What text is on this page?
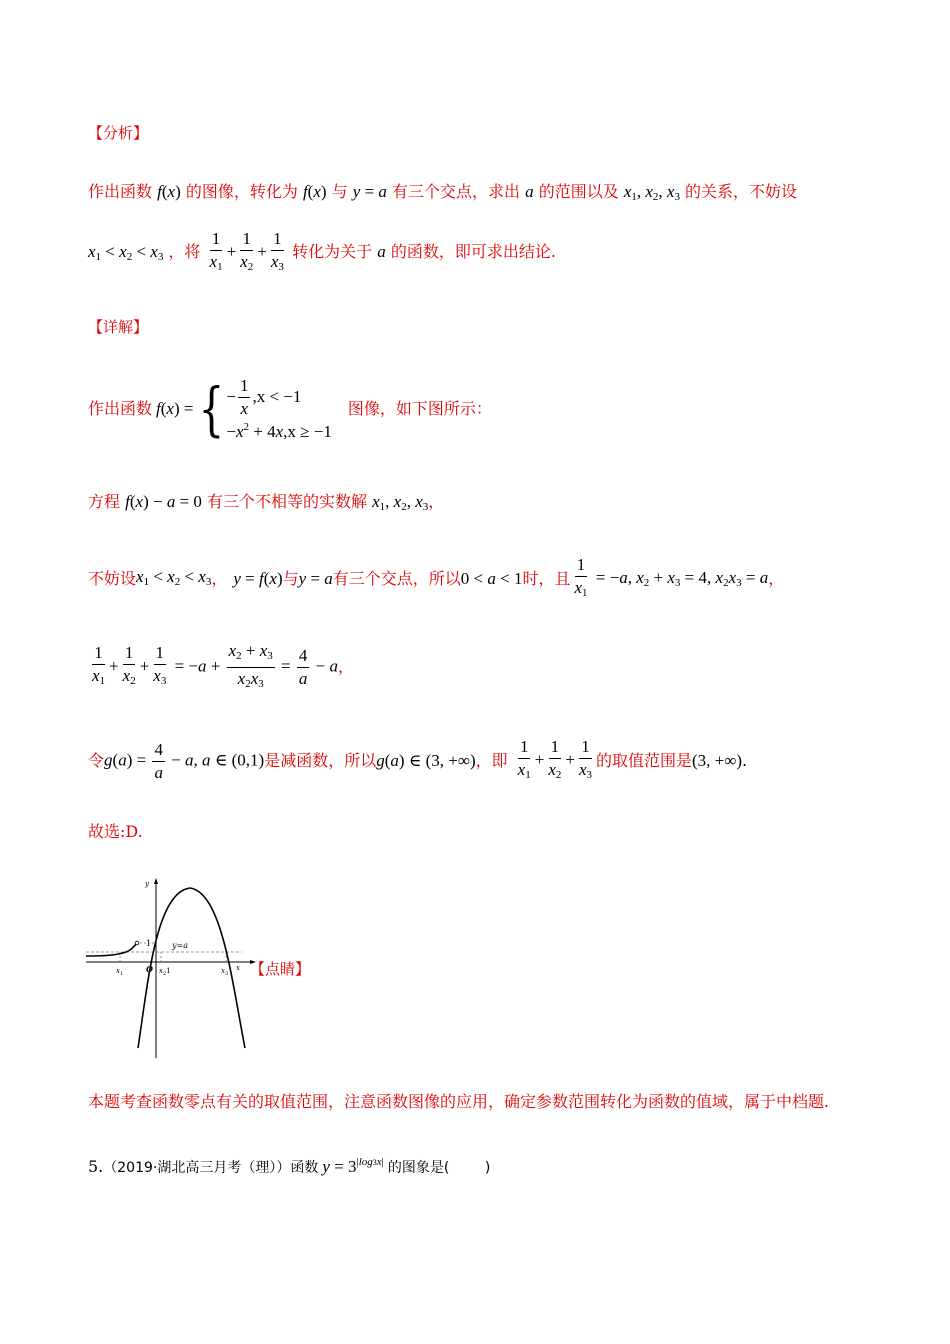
【分析】
作出函数 f(x) 的图像，转化为 f(x) 与 y = a 有三个交点，求出 a 的范围以及 $x_1$, $x_2$, $x_3$ 的关系，不妨设
$x_1 < x_2 < x_3$ ，将 $\frac{1}{x_1} + \frac{1}{x_2} + \frac{1}{x_3}$ 转化为关于 a 的函数，即可求出结论.
【详解】
作出函数 f(x) = { − $\frac{1}{x}$ , x < −1
$-x^2 + 4x,x \ge -1$
图像，如下图所示：
方程 f(x) − a = 0 有三个不相等的实数解 $x_1$, $x_2$, $x_3$，
不妨设 $x_1 < x_2 < x_3$ ， y = f(x) 与 y = a 有三个交点，所以 0 < a < 1 时，且 $\frac{1}{x_1} = -a$, $x_2 + x_3 = 4$, $x_2x_3 = a$ ，
$\frac{1}{x_1} + \frac{1}{x_2} + \frac{1}{x_3} = -a + \frac{x_2 + x_3}{x_2x_3} = \frac{4}{a} - a$ ，
令 $g(a) = \frac{4}{a} - a$, a ∈ (0,1) 是减函数，所以 g(a) ∈ (3, +∞) ，即 $\frac{1}{x_1} + \frac{1}{x_2} + \frac{1}{x_3}$ 的取值范围是 (3, +∞) .
故选:D.
y
x
y=a
1
O
$x_1$	$x_21$	$x_3$ 【点睛】
本题考查函数零点有关的取值范围，注意函数图像的应用，确定参数范围转化为函数的值域，属于中档题.
5. （2019·湖北高三月考（理））函数 $y = 3^{|log3x|}$ 的图象是(        )
